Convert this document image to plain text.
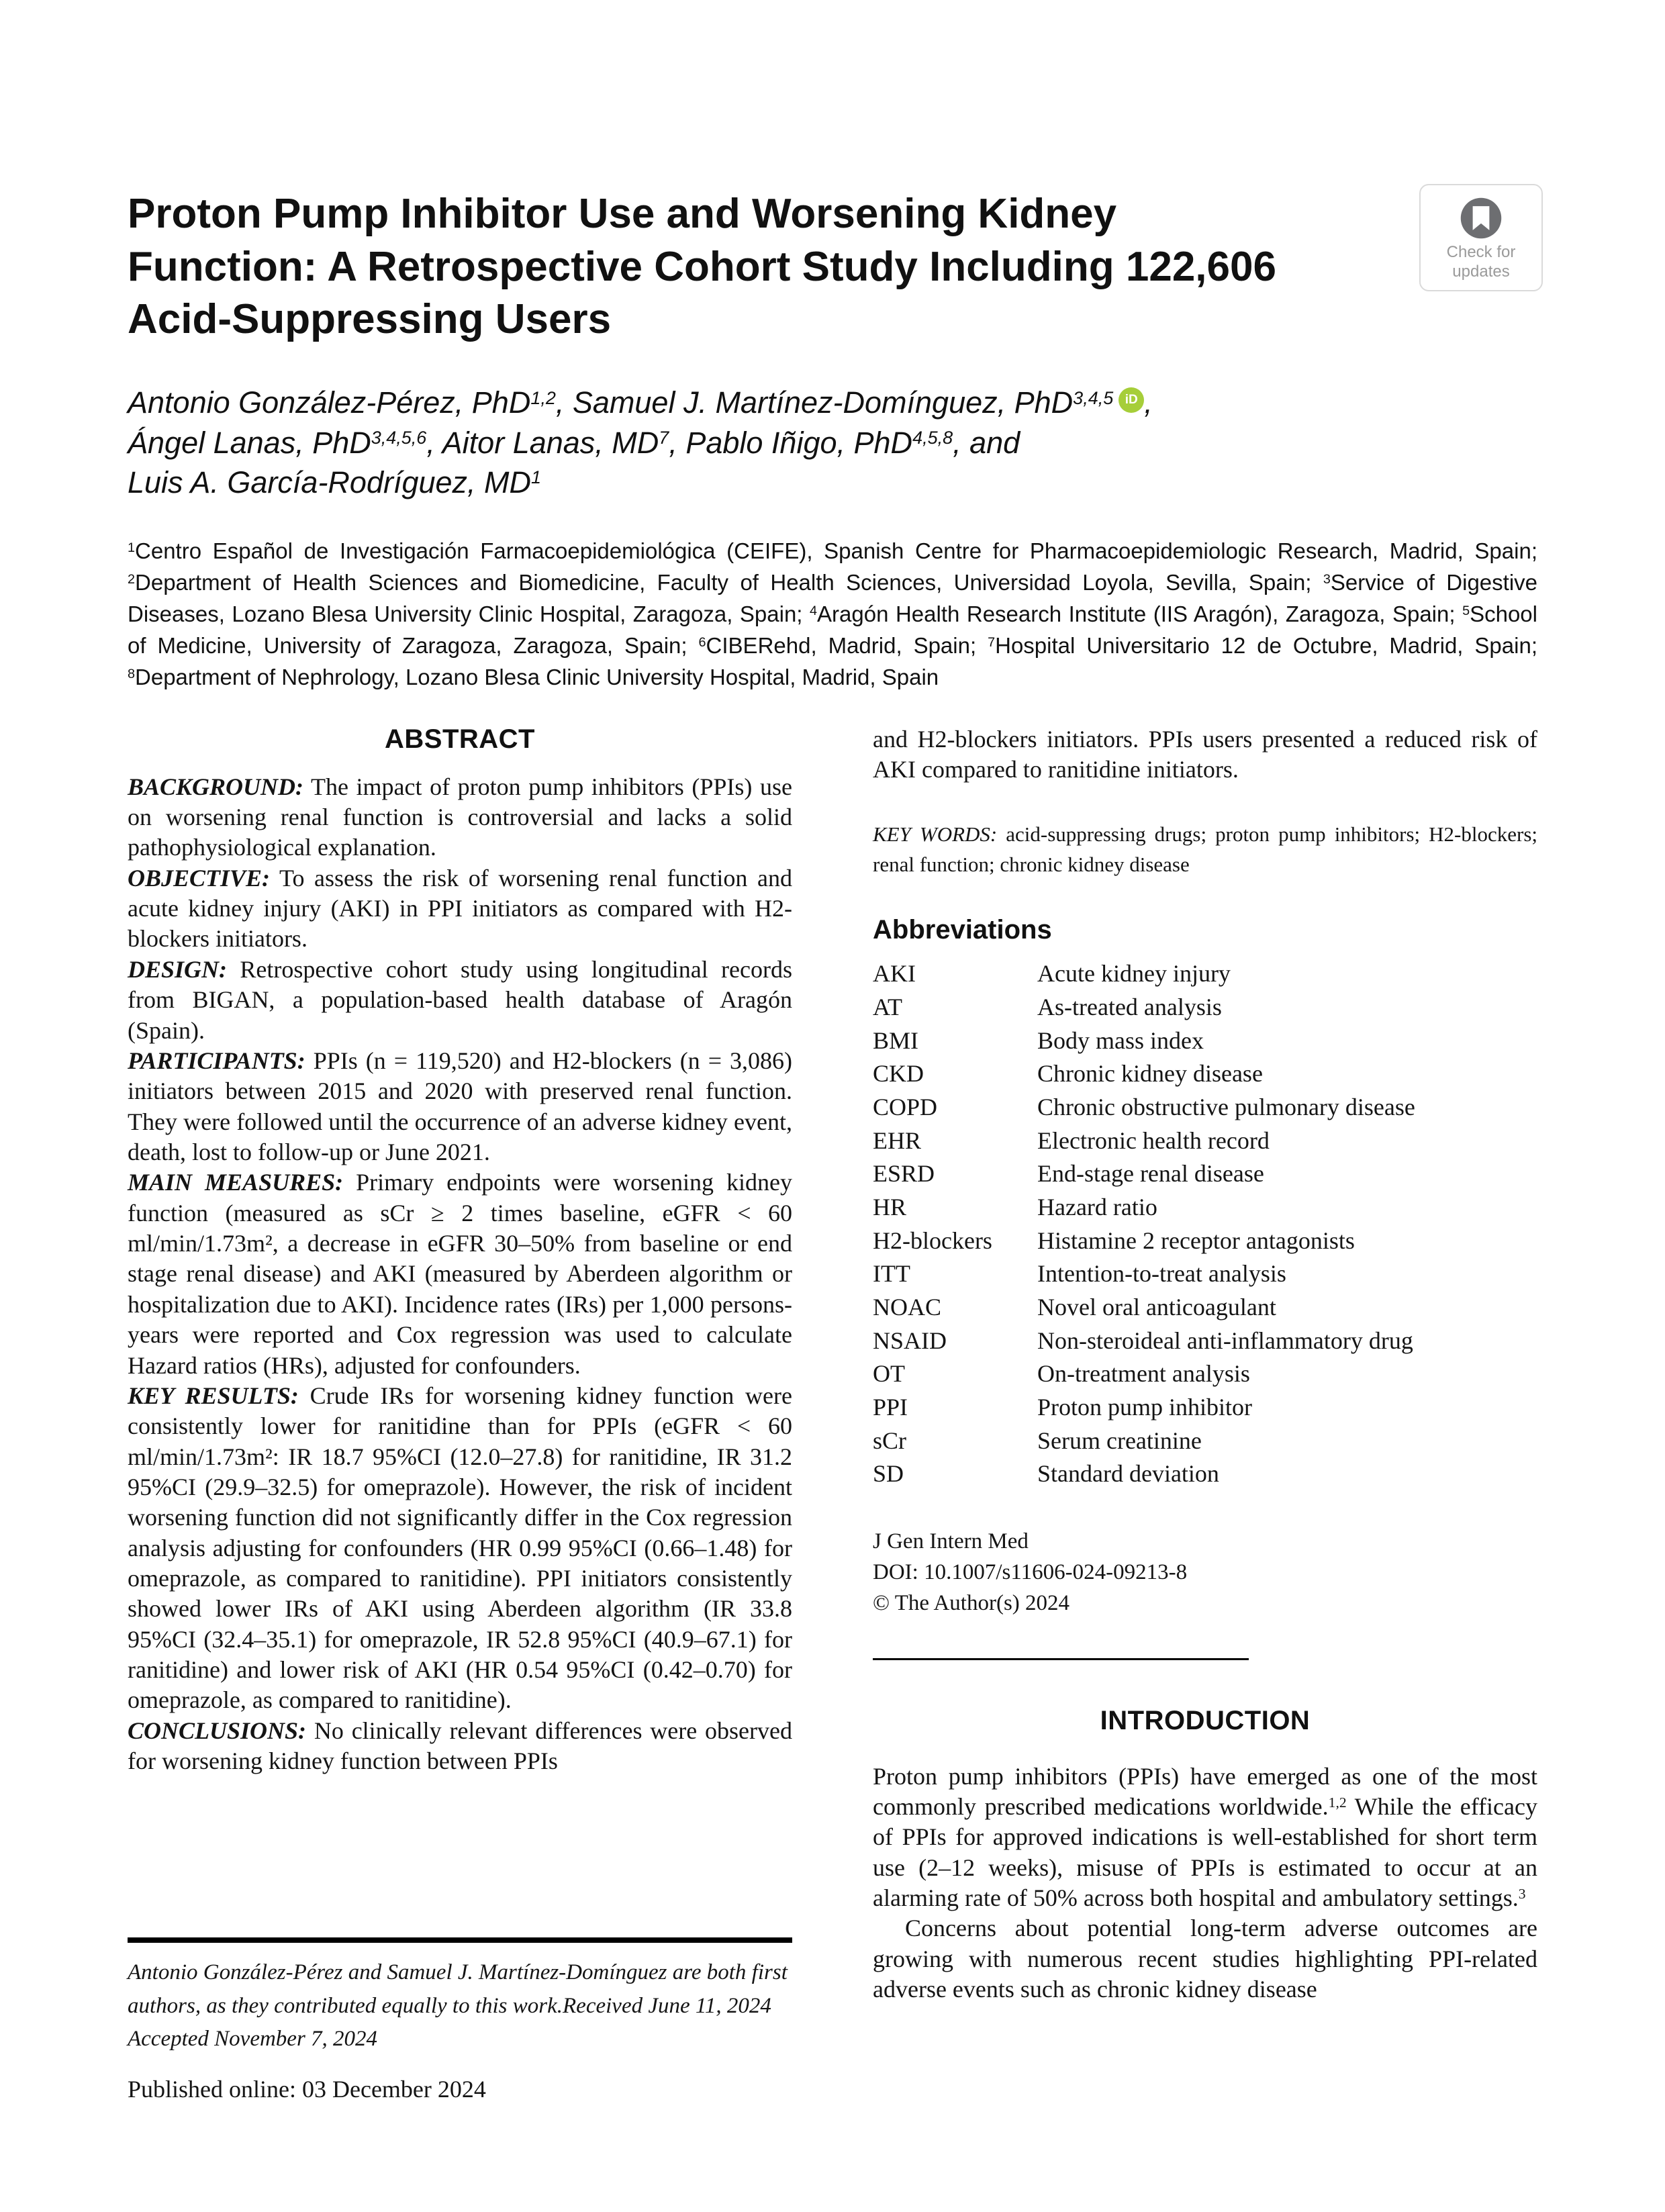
Proton Pump Inhibitor Use and Worsening Kidney
Function: A Retrospective Cohort Study Including 122,606
Acid-Suppressing Users
Check for
updates
Antonio González-Pérez, PhD$^{1,2}$, Samuel J. Martínez-Domínguez, PhD$^{3,4,5}$ iD ,
Ángel Lanas, PhD$^{3,4,5,6}$, Aitor Lanas, $MD^7$, Pablo Iñigo, PhD$^{4,5,8}$, and
Luis A. García-Rodríguez, $MD^1$

$^1$Centro Español de Investigación Farmacoepidemiológica (CEIFE), Spanish Centre for Pharmacoepidemiologic Research, Madrid, Spain; $^2$Department of Health Sciences and Biomedicine, Faculty of Health Sciences, Universidad Loyola, Sevilla, Spain; $^3$Service of Digestive Diseases, Lozano Blesa University Clinic Hospital, Zaragoza, Spain; $^4$Aragón Health Research Institute (IIS Aragón), Zaragoza, Spain; $^5$School of Medicine, University of Zaragoza, Zaragoza, Spain; $^6$CIBERehd, Madrid, Spain; $^7$Hospital Universitario 12 de Octubre, Madrid, Spain; $^8$Department of Nephrology, Lozano Blesa Clinic University Hospital, Madrid, Spain

ABSTRACT

BACKGROUND: The impact of proton pump inhibitors (PPIs) use on worsening renal function is controversial and lacks a solid pathophysiological explanation.

OBJECTIVE: To assess the risk of worsening renal function and acute kidney injury (AKI) in PPI initiators as compared with H2-blockers initiators.

DESIGN: Retrospective cohort study using longitudinal records from BIGAN, a population-based health database of Aragón (Spain).

PARTICIPANTS: PPIs (n = 119,520) and H2-blockers (n = 3,086) initiators between 2015 and 2020 with preserved renal function. They were followed until the occurrence of an adverse kidney event, death, lost to follow-up or June 2021.

MAIN MEASURES: Primary endpoints were worsening kidney function (measured as sCr ≥ 2 times baseline, eGFR < 60 ml/min/1.73m², a decrease in eGFR 30–50% from baseline or end stage renal disease) and AKI (measured by Aberdeen algorithm or hospitalization due to AKI). Incidence rates (IRs) per 1,000 persons-years were reported and Cox regression was used to calculate Hazard ratios (HRs), adjusted for confounders.

KEY RESULTS: Crude IRs for worsening kidney function were consistently lower for ranitidine than for PPIs (eGFR < 60 ml/min/1.73m²: IR 18.7 95%CI (12.0–27.8) for ranitidine, IR 31.2 95%CI (29.9–32.5) for omeprazole). However, the risk of incident worsening function did not significantly differ in the Cox regression analysis adjusting for confounders (HR 0.99 95%CI (0.66–1.48) for omeprazole, as compared to ranitidine). PPI initiators consistently showed lower IRs of AKI using Aberdeen algorithm (IR 33.8 95%CI (32.4–35.1) for omeprazole, IR 52.8 95%CI (40.9–67.1) for ranitidine) and lower risk of AKI (HR 0.54 95%CI (0.42–0.70) for omeprazole, as compared to ranitidine).

CONCLUSIONS: No clinically relevant differences were observed for worsening kidney function between PPIs

and H2-blockers initiators. PPIs users presented a reduced risk of AKI compared to ranitidine initiators.

KEY WORDS: acid-suppressing drugs; proton pump inhibitors; H2-blockers; renal function; chronic kidney disease

Abbreviations
AKI	Acute kidney injury
AT	As-treated analysis
BMI	Body mass index
CKD	Chronic kidney disease
COPD	Chronic obstructive pulmonary disease
EHR	Electronic health record
ESRD	End-stage renal disease
HR	Hazard ratio
H2-blockers	Histamine 2 receptor antagonists
ITT	Intention-to-treat analysis
NOAC	Novel oral anticoagulant
NSAID	Non-steroideal anti-inflammatory drug
OT	On-treatment analysis
PPI	Proton pump inhibitor
sCr	Serum creatinine
SD	Standard deviation
J Gen Intern Med
DOI: 10.1007/s11606-024-09213-8
© The Author(s) 2024
INTRODUCTION

Proton pump inhibitors (PPIs) have emerged as one of the most commonly prescribed medications worldwide.$^{1,2}$ While the efficacy of PPIs for approved indications is well-established for short term use (2–12 weeks), misuse of PPIs is estimated to occur at an alarming rate of 50% across both hospital and ambulatory settings.$^3$

Concerns about potential long-term adverse outcomes are growing with numerous recent studies highlighting PPI-related adverse events such as chronic kidney disease

Antonio González-Pérez and Samuel J. Martínez-Domínguez are both first authors, as they contributed equally to this work.Received June 11, 2024

Accepted November 7, 2024

Published online: 03 December 2024
